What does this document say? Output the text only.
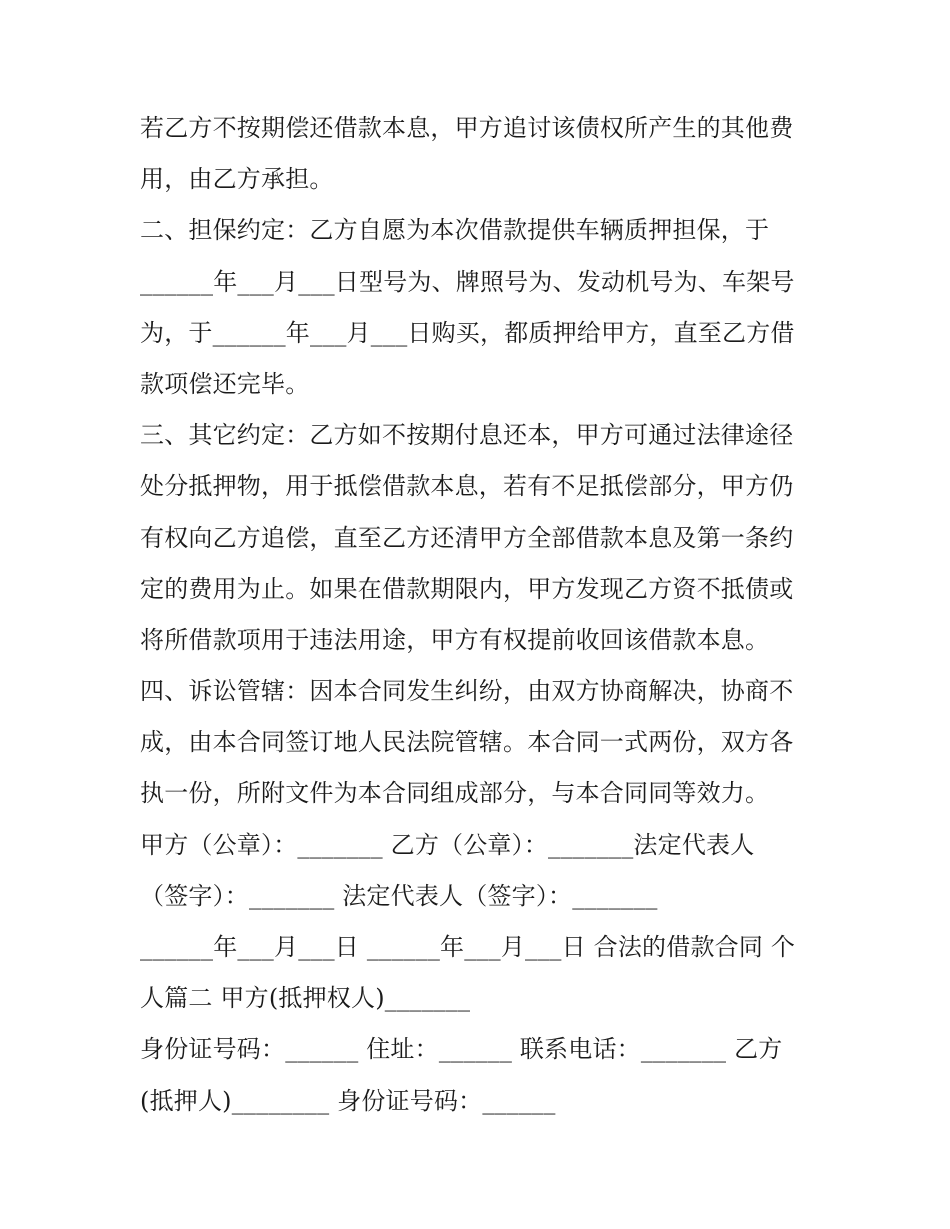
若乙方不按期偿还借款本息，甲方追讨该债权所产生的其他费
用，由乙方承担。
二、担保约定：乙方自愿为本次借款提供车辆质押担保，于
______年___月___日型号为、牌照号为、发动机号为、车架号
为，于______年___月___日购买，都质押给甲方，直至乙方借
款项偿还完毕。
三、其它约定：乙方如不按期付息还本，甲方可通过法律途径
处分抵押物，用于抵偿借款本息，若有不足抵偿部分，甲方仍
有权向乙方追偿，直至乙方还清甲方全部借款本息及第一条约
定的费用为止。如果在借款期限内，甲方发现乙方资不抵债或
将所借款项用于违法用途，甲方有权提前收回该借款本息。
四、诉讼管辖：因本合同发生纠纷，由双方协商解决，协商不
成，由本合同签订地人民法院管辖。本合同一式两份，双方各
执一份，所附文件为本合同组成部分，与本合同同等效力。
甲方（公章）：_______ 乙方（公章）：_______法定代表人
（签字）：_______ 法定代表人（签字）：_______
______年___月___日 ______年___月___日 合法的借款合同 个
人篇二 甲方(抵押权人)_______
身份证号码：______ 住址：______ 联系电话：_______ 乙方
(抵押人)________ 身份证号码：______
